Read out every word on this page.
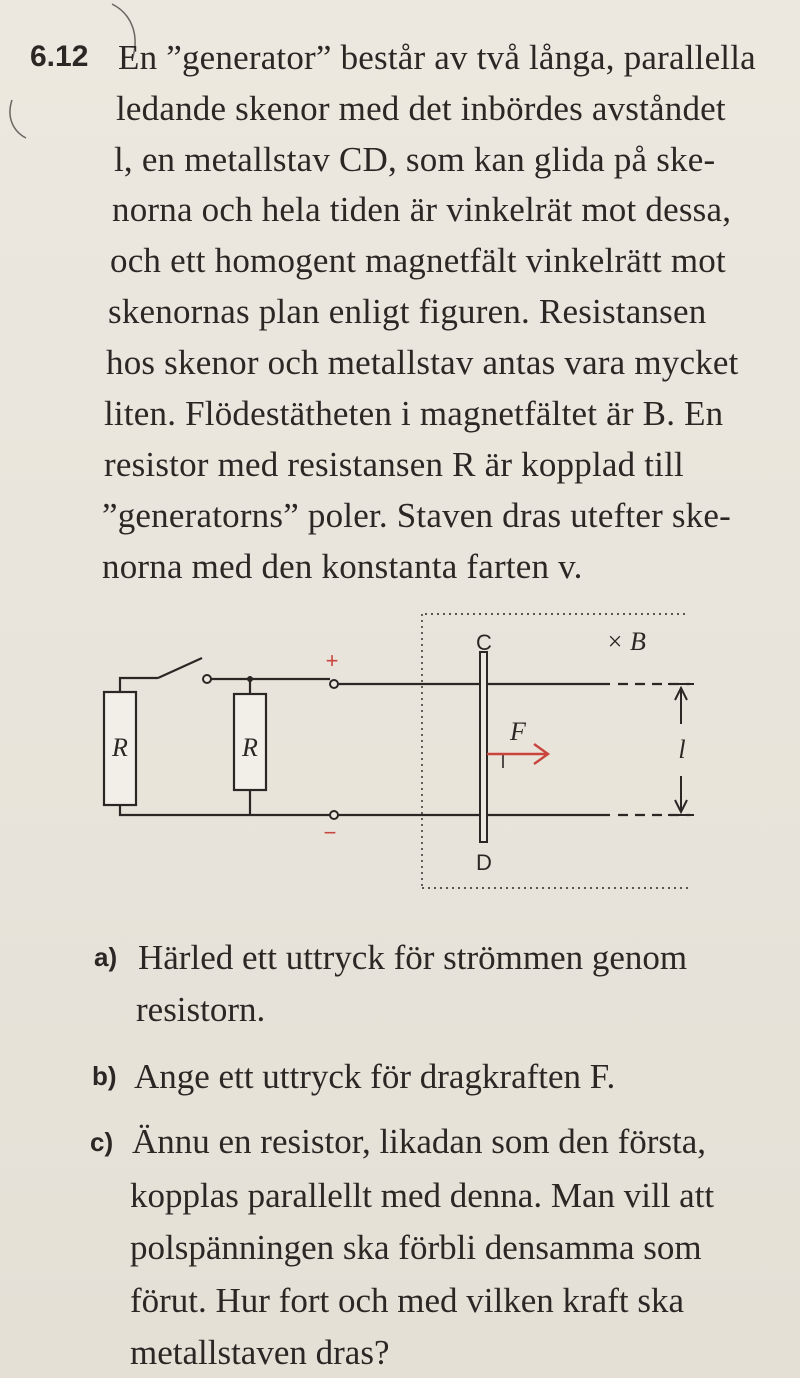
6.12 En ”generator” består av två långa, parallella
ledande skenor med det inbördes avståndet
l, en metallstav CD, som kan glida på ske-
norna och hela tiden är vinkelrät mot dessa,
och ett homogent magnetfält vinkelrätt mot
skenornas plan enligt figuren. Resistansen
hos skenor och metallstav antas vara mycket
liten. Flödestätheten i magnetfältet är B. En
resistor med resistansen R är kopplad till
”generatorns” poler. Staven dras utefter ske-
norna med den konstanta farten v.
R	R
C
D
× B
+
−
F
l
a) Härled ett uttryck för strömmen genom
resistorn.
b) Ange ett uttryck för dragkraften F.
c) Ännu en resistor, likadan som den första,
kopplas parallellt med denna. Man vill att
polspänningen ska förbli densamma som
förut. Hur fort och med vilken kraft ska
metallstaven dras?
